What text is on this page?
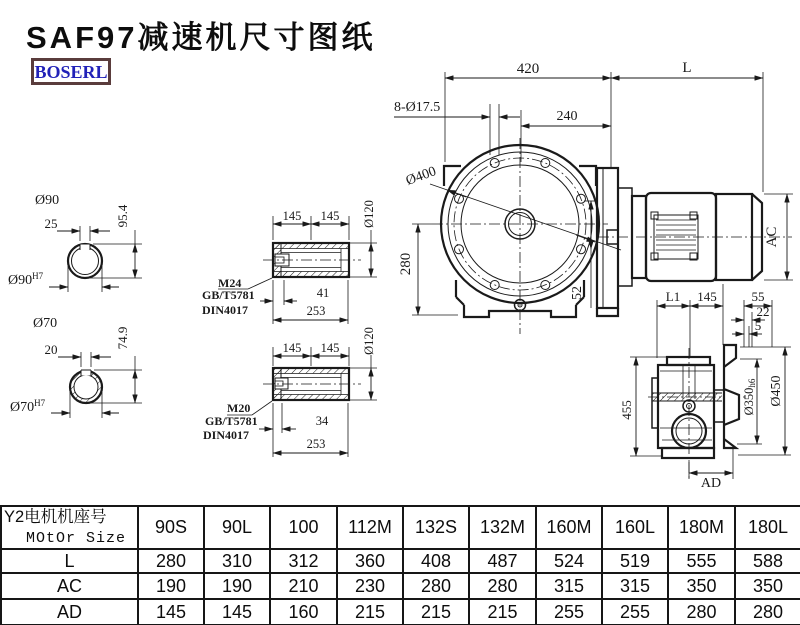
420	L
240
8-Ø17.5
Ø400
280
52
AC
455
L1 145	55
22
5
Ø350h6 Ø450
AD
Ø90
25	95.4
$Ø90^{H7}$
Ø70
20
74.9
$Ø70^{H7}$
145 145 Ø120
M24
GB/T5781
DIN4017
41
253
145 145 Ø120
M20
GB/T5781
DIN4017
34
253
SAF97减速机尺寸图纸
BOSERL
Y2电机机座号
MOtOr Size	90S	90L	100	112M	132S	132M	160M	160L	180M	180L
L	280	310	312	360	408	487	524	519	555	588
AC	190	190	210	230	280	280	315	315	350	350
AD	145	145	160	215	215	215	255	255	280	280
